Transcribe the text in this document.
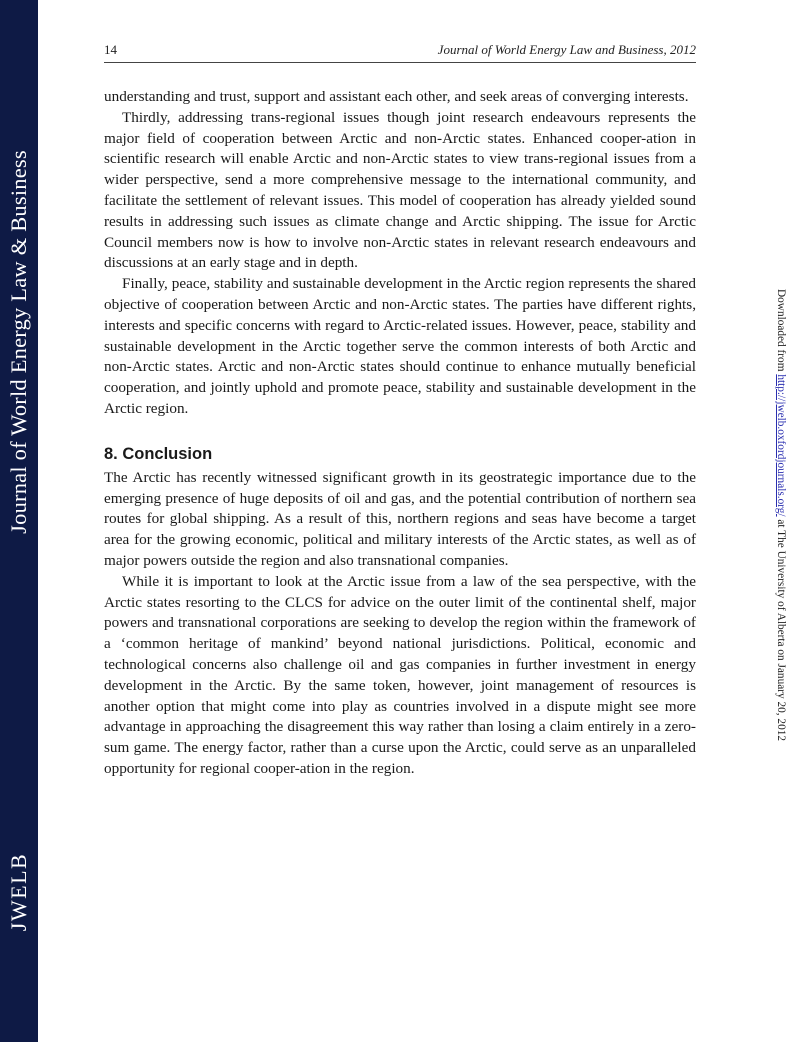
Journal of World Energy Law & Business
JWELB
14	Journal of World Energy Law and Business, 2012

understanding and trust, support and assistant each other, and seek areas of converging interests.

Thirdly, addressing trans-regional issues though joint research endeavours represents the major field of cooperation between Arctic and non-Arctic states. Enhanced cooper-ation in scientific research will enable Arctic and non-Arctic states to view trans-regional issues from a wider perspective, send a more comprehensive message to the international community, and facilitate the settlement of relevant issues. This model of cooperation has already yielded sound results in addressing such issues as climate change and Arctic shipping. The issue for Arctic Council members now is how to involve non-Arctic states in relevant research endeavours and discussions at an early stage and in depth.

Finally, peace, stability and sustainable development in the Arctic region represents the shared objective of cooperation between Arctic and non-Arctic states. The parties have different rights, interests and specific concerns with regard to Arctic-related issues. However, peace, stability and sustainable development in the Arctic together serve the common interests of both Arctic and non-Arctic states. Arctic and non-Arctic states should continue to enhance mutually beneficial cooperation, and jointly uphold and promote peace, stability and sustainable development in the Arctic region.

8. Conclusion

The Arctic has recently witnessed significant growth in its geostrategic importance due to the emerging presence of huge deposits of oil and gas, and the potential contribution of northern sea routes for global shipping. As a result of this, northern regions and seas have become a target area for the growing economic, political and military interests of the Arctic states, as well as of major powers outside the region and also transnational companies.

While it is important to look at the Arctic issue from a law of the sea perspective, with the Arctic states resorting to the CLCS for advice on the outer limit of the continental shelf, major powers and transnational corporations are seeking to develop the region within the framework of a ‘common heritage of mankind’ beyond national jurisdictions. Political, economic and technological concerns also challenge oil and gas companies in further investment in energy development in the Arctic. By the same token, however, joint management of resources is another option that might come into play as countries involved in a dispute might see more advantage in approaching the disagreement this way rather than losing a claim entirely in a zero-sum game. The energy factor, rather than a curse upon the Arctic, could serve as an unparalleled opportunity for regional cooper-ation in the region.

Downloaded from http://jwelb.oxfordjournals.org/ at The University of Alberta on January 20, 2012
